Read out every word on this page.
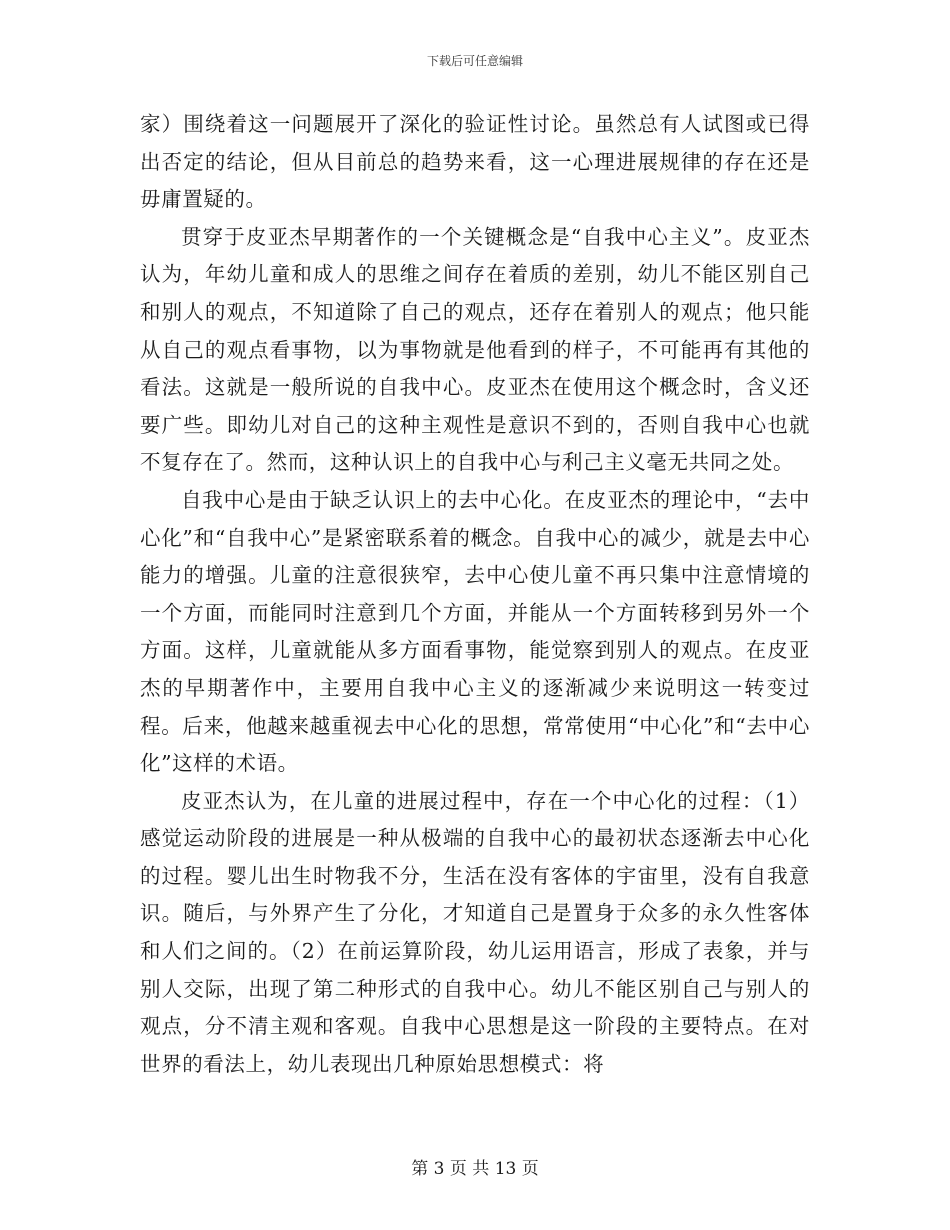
下载后可任意编辑

家）围绕着这一问题展开了深化的验证性讨论。虽然总有人试图或已得出否定的结论，但从目前总的趋势来看，这一心理进展规律的存在还是毋庸置疑的。

贯穿于皮亚杰早期著作的一个关键概念是“自我中心主义”。皮亚杰认为，年幼儿童和成人的思维之间存在着质的差别，幼儿不能区别自己和别人的观点，不知道除了自己的观点，还存在着别人的观点；他只能从自己的观点看事物，以为事物就是他看到的样子，不可能再有其他的看法。这就是一般所说的自我中心。皮亚杰在使用这个概念时，含义还要广些。即幼儿对自己的这种主观性是意识不到的，否则自我中心也就不复存在了。然而，这种认识上的自我中心与利己主义毫无共同之处。

自我中心是由于缺乏认识上的去中心化。在皮亚杰的理论中，“去中心化”和“自我中心”是紧密联系着的概念。自我中心的减少，就是去中心能力的增强。儿童的注意很狭窄，去中心使儿童不再只集中注意情境的一个方面，而能同时注意到几个方面，并能从一个方面转移到另外一个方面。这样，儿童就能从多方面看事物，能觉察到别人的观点。在皮亚杰的早期著作中，主要用自我中心主义的逐渐减少来说明这一转变过程。后来，他越来越重视去中心化的思想，常常使用“中心化”和“去中心化”这样的术语。

皮亚杰认为，在儿童的进展过程中，存在一个中心化的过程：（1）感觉运动阶段的进展是一种从极端的自我中心的最初状态逐渐去中心化的过程。婴儿出生时物我不分，生活在没有客体的宇宙里，没有自我意识。随后，与外界产生了分化，才知道自己是置身于众多的永久性客体和人们之间的。（2）在前运算阶段，幼儿运用语言，形成了表象，并与别人交际，出现了第二种形式的自我中心。幼儿不能区别自己与别人的观点，分不清主观和客观。自我中心思想是这一阶段的主要特点。在对世界的看法上，幼儿表现出几种原始思想模式：将

第 3 页 共 13 页
